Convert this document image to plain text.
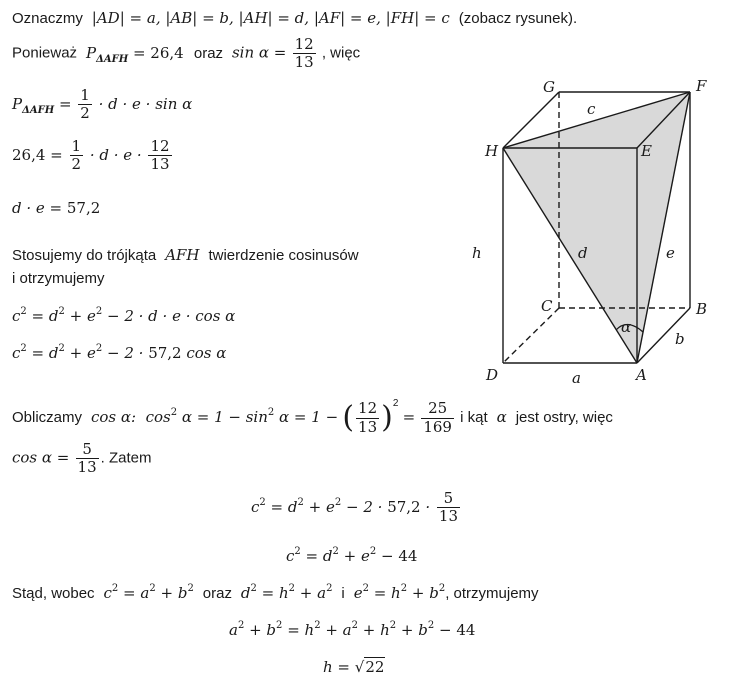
Oznaczmy  |AD| = a, |AB| = b, |AH| = d, |AF| = e, |FH| = c  (zobacz rysunek).
Ponieważ  $P_{\Delta AFH} = 26,4$ oraz  $\sin \alpha = \frac{12}{13}$ , więc
$P_{\Delta AFH} = \frac{1}{2} \cdot d \cdot e \cdot \sin \alpha$
$26,4 = \frac{1}{2} \cdot d \cdot e \cdot \frac{12}{13}$
d · e = 57,2
Stosujemy do trójkąta  AFH  twierdzenie cosinusów
i otrzymujemy
$c^2 = d^2 + e^2 - 2 \cdot d \cdot e \cdot \cos \alpha$
$c^2 = d^2 + e^2 - 2 \cdot 57,2$ cos α
Obliczamy  cos α:  $\cos^2 \alpha = 1 - \sin^2 \alpha = 1$ − ( $\frac{12}{13} )^2 = \frac{25}{169}$ i kąt  α  jest ostry, więc
$\cos \alpha = \frac{5}{13}$ . Zatem
$c^2 = d^2 + e^2 - 2 \cdot 57,2 \cdot \frac{5}{13}$
$c^2 = d^2 + e^2 - 44$
Stąd, wobec  $c^2 = a^2 + b^2$ oraz  $d^2 = h^2 + a^2$ i  $e^2 = h^2 + b^2$, otrzymujemy
$a^2 + b^2 = h^2 + a^2 + h^2 + b^2 - 44$
h = √22
G	F
H	E
C	B
D	A
c
d	e
h
a
b
α
